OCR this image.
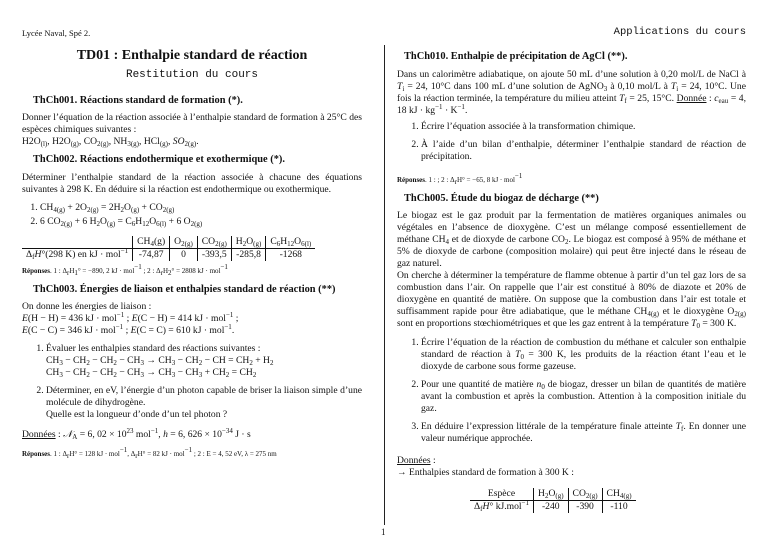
Lycée Naval, Spé 2.	Applications du cours
TD01 : Enthalpie standard de réaction
Restitution du cours
ThCh001. Réactions standard de formation (*).
Donner l’équation de la réaction associée à l’enthalpie standard de formation à 25°C des espèces chimiques suivantes :
$H2O_{(l)}$, $H2O_{(g)}$, $CO_{2(g)}$, $NH_{3(g)}$, HCl$_{(g)}$, $SO_{2(g)}$.
ThCh002. Réactions endothermique et exothermique (*).
Déterminer l’enthalpie standard de la réaction associée à chacune des équations suivantes à 298 K. En déduire si la réaction est endothermique ou exothermique.
1. $CH_{4(g)} + 2O_{2(g)} = 2H_2O_{(g)} + CO_{2(g)}$
2. 6 $CO_{2(g)} + 6$ $H_2O_{(g)} = C_6H_{12}O_{6(l)} + 6$ $O_{2(g)}$
	$CH_4(g)$	$O_{2(g)}$	$CO_{2(g)}$	$H_2O_{(g)}$	$C_6H_{12}O_{6(l)}$
$\Delta_fH^\circ(298$ K) en kJ · mol$^{-1}$	-74,87	0	-393,5	-285,8	-1268
Réponses. 1 : $\Delta_rH_1^\circ = -890$, 2 kJ · mol$^{-1}$ ; 2 : $\Delta_rH_2^\circ = 2808$ kJ · mol$^{-1}$
ThCh003. Énergies de liaison et enthalpies standard de réaction (**)
On donne les énergies de liaison :
E(H − H) = 436 kJ · mol$^{-1}$ ; E(C − H) = 414 kJ · mol$^{-1}$ ;
E(C − C) = 346 kJ · mol$^{-1}$ ; E(C = C) = 610 kJ · mol$^{-1}$.
1. Évaluer les enthalpies standard des réactions suivantes :
$CH_3 - CH_2 - CH_2 - CH_3 \to CH_3 - CH_2$ − CH = $CH_2 + H_2$
$CH_3 - CH_2 - CH_2 - CH_3 \to CH_3 - CH_3 + CH_2 = CH_2$
2. Déterminer, en eV, l’énergie d’un photon capable de briser la liaison simple d’une molécule de dihydrogène.
Quelle est la longueur d’onde d’un tel photon ?
Données : 𝒩$_A$ = 6, $02 \times 10^{23}$ mol$^{-1}$, h = 6, $626 \times 10^{-34}$ J · s
Réponses. 1 : $\Delta_rH^\circ = 128$ kJ · mol$^{-1}$, $\Delta_rH^\circ = 82$ kJ · mol$^{-1}$ ; 2 : E = 4, 52 eV, λ = 275 nm
ThCh010. Enthalpie de précipitation de AgCl (**).
Dans un calorimètre adiabatique, on ajoute 50 mL d’une solution à 0,20 mol/L de NaCl à $T_i = 24$, 10°C dans 100 mL d’une solution de AgNO$_3$ à 0,10 mol/L à $T_i = 24$, 10°C. Une fois la réaction terminée, la température du milieu atteint $T_f = 25$, 15°C. Donnée : $c_{eau} = 4$, 18 kJ · $kg^{-1} \cdot K^{-1}$.
1. Écrire l’équation associée à la transformation chimique.
2. À l’aide d’un bilan d’enthalpie, déterminer l’enthalpie standard de réaction de précipitation.
Réponses. 1 : ; 2 : $\Delta_rH^\circ = -65$, 8 kJ · mol$^{-1}$
ThCh005. Étude du biogaz de décharge (**)
Le biogaz est le gaz produit par la fermentation de matières organiques animales ou végétales en l’absence de dioxygène. C’est un mélange composé essentiellement de méthane $CH_4$ et de dioxyde de carbone $CO_2$. Le biogaz est composé à 95% de méthane et 5% de dioxyde de carbone (composition molaire) qui peut être injecté dans le réseau de gaz naturel.
On cherche à déterminer la température de flamme obtenue à partir d’un tel gaz lors de sa combustion dans l’air. On rappelle que l’air est constitué à 80% de diazote et 20% de dioxygène en quantité de matière. On suppose que la combustion dans l’air est totale et suffisamment rapide pour être adiabatique, que le méthane $CH_{4(g)}$ et le dioxygène $O_{2(g)}$ sont en proportions stœchiométriques et que les gaz entrent à la température $T_0 = 300$ K.
1. Écrire l’équation de la réaction de combustion du méthane et calculer son enthalpie standard de réaction à $T_0 = 300$ K, les produits de la réaction étant l’eau et le dioxyde de carbone sous forme gazeuse.
2. Pour une quantité de matière $n_0$ de biogaz, dresser un bilan de quantités de matière avant la combustion et après la combustion. Attention à la composition initiale du gaz.
3. En déduire l’expression littérale de la température finale atteinte $T_f$. En donner une valeur numérique approchée.
Données :
→ Enthalpies standard de formation à 300 K :
Espèce	$H_2O_{(g)}$	$CO_{2(g)}$	$CH_{4(g)}$
$\Delta_fH^\circ$ kJ.mol$^{-1}$	-240	-390	-110
1
